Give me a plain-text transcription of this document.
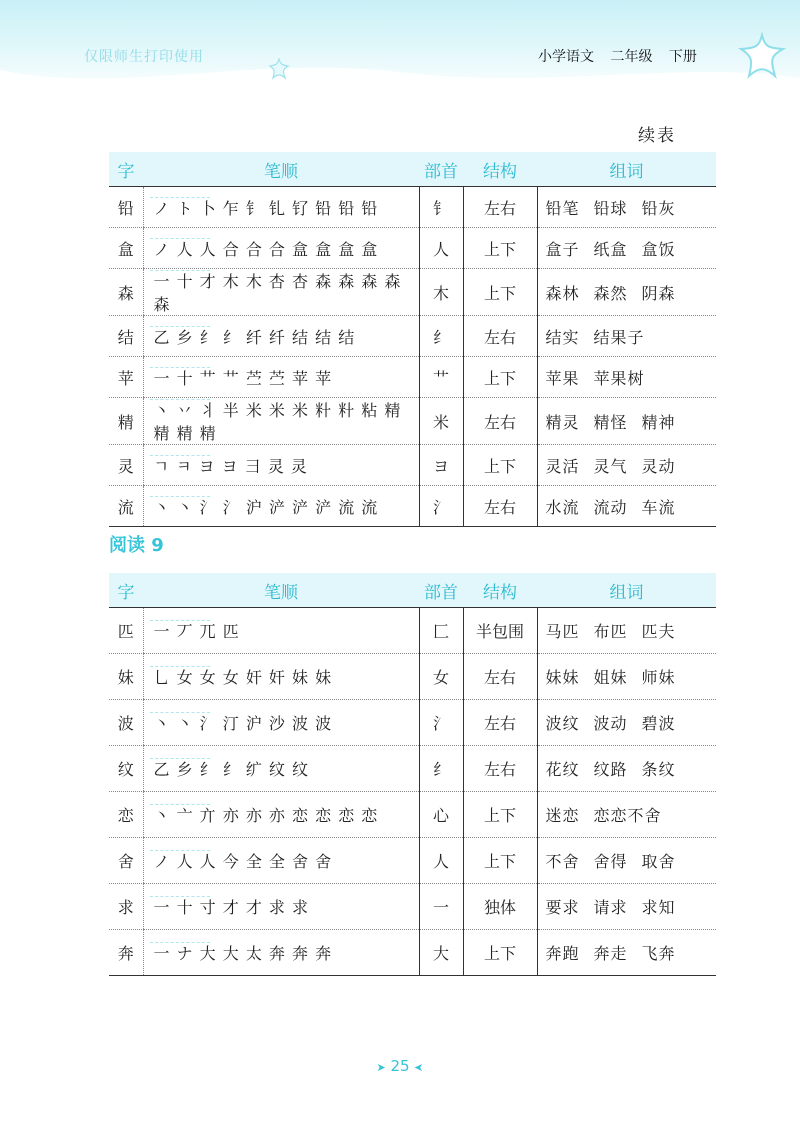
仅限师生打印使用	小学语文 二年级 下册
续表
字	笔顺	部首	结构	组词
铅	ノ ト 卜 乍 钅 钆 钌 铅 铅 铅	钅	左右	铅笔 铅球 铅灰
盒	ノ 人 人 合 合 合 盒 盒 盒 盒	人	上下	盒子 纸盒 盒饭
森	一 十 才 木 木 杏 杏 森 森 森 森 森	木	上下	森林 森然 阴森
结	乙 乡 纟 纟 纤 纤 结 结 结	纟	左右	结实 结果子
苹	一 十 艹 艹 苎 苎 苹 苹	艹	上下	苹果 苹果树
精	丶 丷 丬 半 米 米 米 籵 籵 粘 精 精 精 精	米	左右	精灵 精怪 精神
灵	ㄱ ㅋ ヨ ヨ 彐 灵 灵	ヨ	上下	灵活 灵气 灵动
流	丶 丶 氵 氵 沪 浐 浐 浐 流 流	氵	左右	水流 流动 车流
阅读 9
字	笔顺	部首	结构	组词
匹	一 丆 兀 匹	匚	半包围	马匹 布匹 匹夫
妹	乚 女 女 女 奸 奸 妹 妹	女	左右	妹妹 姐妹 师妹
波	丶 丶 氵 汀 沪 沙 波 波	氵	左右	波纹 波动 碧波
纹	乙 乡 纟 纟 纩 纹 纹	纟	左右	花纹 纹路 条纹
恋	丶 亠 亣 亦 亦 亦 恋 恋 恋 恋	心	上下	迷恋 恋恋不舍
舍	ノ 人 人 今 全 全 舍 舍	人	上下	不舍 舍得 取舍
求	一 十 寸 才 才 求 求	一	独体	要求 请求 求知
奔	一 ナ 大 大 太 奔 奔 奔	大	上下	奔跑 奔走 飞奔
➤ 25 ➤
